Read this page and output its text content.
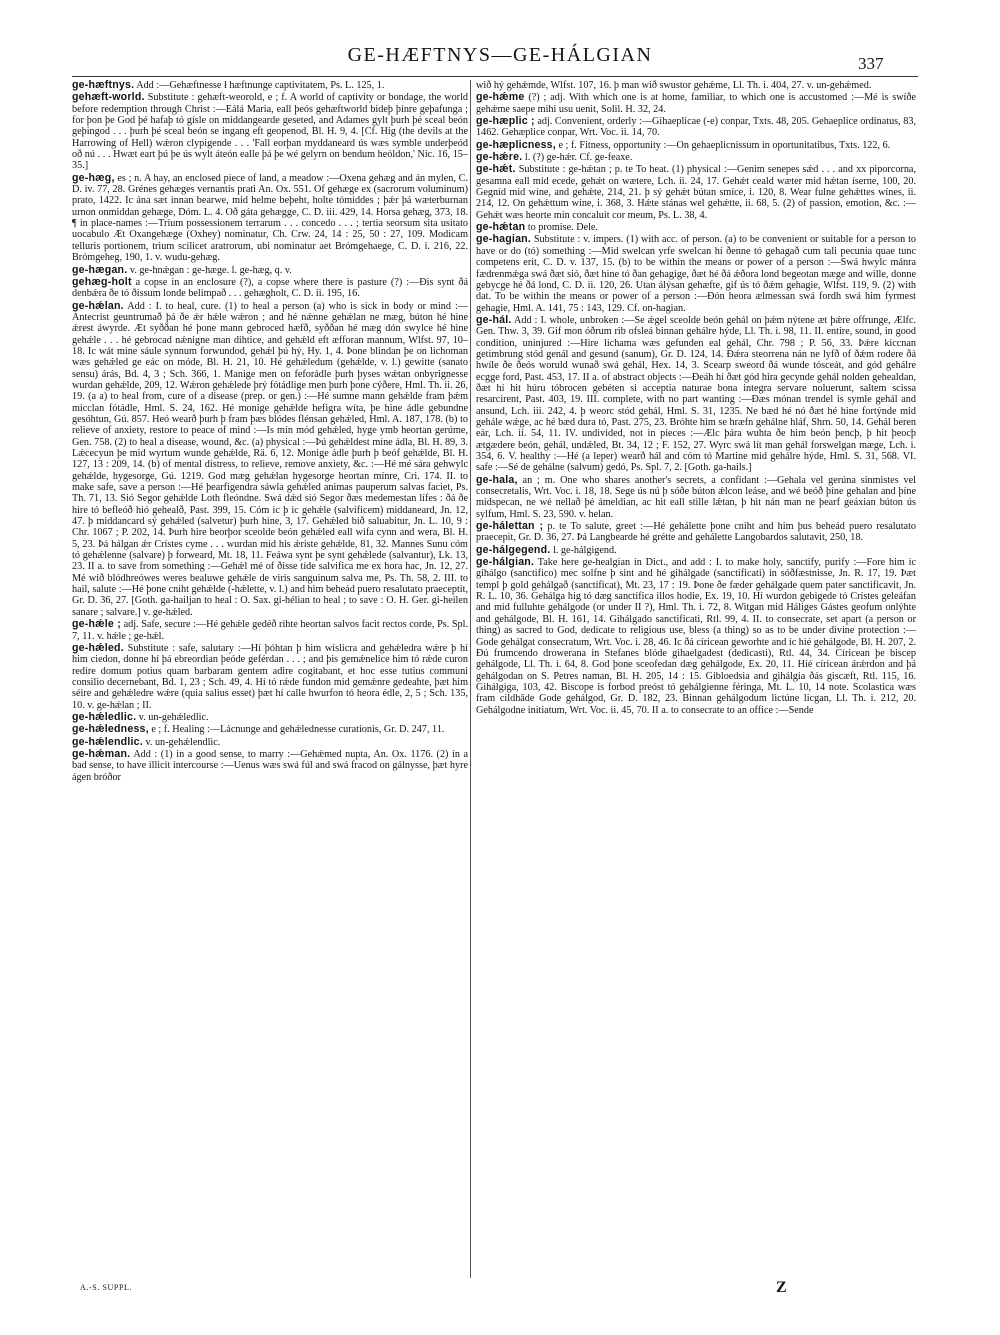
GE-HÆFTNYS—GE-HÁLGIAN	337

ge-hæftnys. Add :—Gehæftnesse ł hæftnunge captivitatem, Ps. L. 125, 1.

gehæft-world. Substitute : gehæft-weorold, e ; f. A world of captivity or bondage, the world before redemption through Christ :—Eálá Maria, eall þeós gehæftworld bideþ þínre geþafunga ; for þon þe God þé hafaþ tó gísle on middangearde geseted, and Adames gylt þurh þé sceal beón geþingod . . . þurh þé sceal beón se ingang eft geopenod, Bl. H. 9, 4. [Cf. Hig (the devils at the Harrowing of Hell) wǽron clypigende . . . 'Fall eorþan myddaneard ús wæs symble underþeód oð nú . . . Hwæt eart þú þe ús wylt áteón ealle þá þe wé gelyrn on bendum heóldon,' Nic. 16, 15–35.]

ge-hæg, es ; n. A hay, an enclosed piece of land, a meadow :—Oxena gehæg and án mylen, C. D. iv. 77, 28. Grénes gehæges vernantis prati An. Ox. 551. Of gehæge ex (sacrorum voluminum) prato, 1422. Ic ána sæt innan bearwe, mid helme beþeht, holte tómiddes ; þǽr þá wæterburnan urnon onmiddan gehæge, Dóm. L. 4. Oð gáta gehægge, C. D. iii. 429, 14. Horsa gehæg, 373, 18. ¶ in place-names :—Trium possessionem terrarum . . . concedo . . . ; tertia seorsum sita usitato uocabulo Æt Oxangehæge (Oxhey) nominatur, Ch. Crw. 24, 14 : 25, 50 : 27, 109. Modicam telluris portionem, trium scilicet aratrorum, ubi nominatur aet Brómgehaege, C. D. i. 216, 22. Brómgeheg, 190, 1. v. wudu-gehæg.

ge-hægan. v. ge-hnǽgan : ge-hæge. l. ge-hæg, q. v.

gehæg-holt a copse in an enclosure (?), a copse where there is pasture (?) :—Đis synt ðá denbǽra ðe tó ðissum londe belimpað . . . gehægholt, C. D. ii. 195, 16.

ge-hǽlan. Add : I. to heal, cure. (1) to heal a person (a) who is sick in body or mind :—Antecrist geuntrumað þá ðe ǽr hǽle wǽron ; and hé nǽnne gehǽlan ne mæg, búton hé hine ǽrest áwyrde. Æt syððan hé þone mann gebroced hæfð, syððan hé mæg dón swylce hé hine gehǽle . . . hé gebrocad nǽnigne man dihtice, and gehǽld eft æfforan mannum, Wlfst. 97, 10–18. Ic wát míne sáule synnum forwundod, gehǽl þú hý, Hy. 1, 4. Þone blindan þe on lichoman wæs gehǽled ge eác on móde, Bl. H. 21, 10. Hé gehǽledum (gehǽlde, v. l.) gewitte (sanato sensu) árás, Bd. 4, 3 ; Sch. 366, 1. Manige men on feforádle þurh þyses wǽtan onbyrignesse wurdan gehǽlde, 209, 12. Wǽron gehǽlede þrý fótádlige men þurh þone cýðere, Hml. Th. ii. 26, 19. (a a) to heal from, cure of a disease (prep. or gen.) :—Hé sumne mann gehǽlde fram þǽm micclan fótádle, Hml. S. 24, 162. Hé monige gehǽlde hefigra wíta, þe hine ádle gebundne gesóhtun, Gú. 857. Heó wearð þurh þ fram þæs blódes flénsan gehǽled, Hml. A. 187, 178. (b) to relieve of anxiety, restore to peace of mind :—Is mín mód gehǽled, hyge ymb heortan gerúme, Gen. 758. (2) to heal a disease, wound, &c. (a) physical :—Þú gehǽldest míne ádla, Bl. H. 89, 3. Lǽcecyun þe mid wyrtum wunde gehǽlde, Rä. 6, 12. Monige ádle þurh þ beóf gehǽlde, Bl. H. 127, 13 : 209, 14. (b) of mental distress, to relieve, remove anxiety, &c. :—Hé mé sára gehwylc gehǽlde, hygesorge, Gú. 1219. God mæg gehǽlan hygesorge heortan mínre, Cri. 174. II. to make safe, save a person :—Hé þearfigendra sáwla gehǽled animas pauperum salvas faciet, Ps. Th. 71, 13. Sió Segor gehǽlde Loth fleóndne. Swá dǽd sió Segor ðæs medemestan lífes : ðá ðe hire tó befleóð hió gehealð, Past. 399, 15. Cóm ic þ ic gehǽle (salvificem) middaneard, Jn. 12, 47. þ middancard sý gehǽled (salvetur) þurh hine, 3, 17. Gehǽled bið saluabitur, Jn. L. 10, 9 : Chr. 1067 ; P. 202, 14. Þurh hire beorþor sceolde beón gehǽled eall wifa cynn and wera, Bl. H. 5, 23. Þá hálgan ǽr Crístes cyme . . . wurdan mid his ǽriste gehǽlde, 81, 32. Mannes Sunu cóm tó gehǽlenne (salvare) þ forweard, Mt. 18, 11. Feáwa synt þe synt gehǽlede (salvantur), Lk. 13, 23. II a. to save from something :—Gehǽl mé of ðisse tíde salvifica me ex hora hac, Jn. 12, 27. Mé wið blódhreówes weres bealuwe gehǽle de viris sanguinum salva me, Ps. Th. 58, 2. III. to hail, salute :—Hé þone cniht gehǽlde (-hǽlette, v. l.) and him beheád puero resalutato praeceptit, Gr. D. 36, 27. [Goth. ga-hailjan to heal : O. Sax. gi-hélian to heal ; to save : O. H. Ger. gi-heilen sanare ; salvare.] v. ge-hǽled.

ge-hǽle ; adj. Safe, secure :—Hé gehǽle gedéð rihte heortan salvos facit rectos corde, Ps. Spl. 7, 11. v. hǽle ; ge-hǽl.

ge-hǽled. Substitute : safe, salutary :—Hí þóhtan þ him wíslicra and gehǽledra wǽre þ hí him ciedon, donne hí þá ebreordian þeóde geférdan . . . ; and þis gemǽnelice him tó rǽde curon redire domum potius quam barbaram gentem adire cogitabant, et hoc esse tutius communi consilio decernebant, Bd. 1, 23 ; Sch. 49, 4. Hí tó rǽde fundon mid gemǽnre gedeahte, þæt him séire and gehǽledre wǽre (quia salius esset) þæt hí calle hwurfon tó heora édle, 2, 5 ; Sch. 135, 10. v. ge-hǽlan ; II.

ge-hǽledlic. v. un-gehǽledlic.

ge-hǽledness, e ; f. Healing :—Lácnunge and gehǽlednesse curationis, Gr. D. 247, 11.

ge-hǽlendlic. v. un-gehǽlendlic.

ge-hǽman. Add : (1) in a good sense, to marry :—Gehǽmed nupta, An. Ox. 1176. (2) in a bad sense, to have illicit intercourse :—Uenus wæs swá fúl and swá fracod on gálnysse, þæt hyre ágen bróðor

wið hý gehǽmde, Wlfst. 107, 16. þ man wið swustor gehǽme, Ll. Th. i. 404, 27. v. un-gehǽmed.

ge-hǽme (?) ; adj. With which one is at home, familiar, to which one is accustomed :—Mé is swíðe gehǽme saepe mihi usu uenit, Solil. H. 32, 24.

ge-hæplic ; adj. Convenient, orderly :—Gihaeplicae (-e) conpar, Txts. 48, 205. Gehaeplice ordinatus, 83, 1462. Gehæplice conpar, Wrt. Voc. ii. 14, 70.

ge-hæplicness, e ; f. Fitness, opportunity :—On gehaeplicnissum in oportunitatibus, Txts. 122, 6.

ge-hǽre. l. (?) ge-hǽr. Cf. ge-feaxe.

ge-hǽt. Substitute : ge-hǽtan ; p. te To heat. (1) physical :—Genim senepes sǽd . . . and xx piporcorna, gesamna eall mid ecede, gehǽt on wætere, Lch. ii. 24, 17. Gehǽt ceald wæter mid hǽtan íserne, 100, 20. Gegníd mid wíne, and gehǽte, 214, 21. þ sý gehǽt bútan smíce, i. 120, 8. Wear fulne gehǽttes wínes, ii. 214, 12. On gehǽttum wíne, i. 368, 3. Hǽte stánas wel gehǽtte, ii. 68, 5. (2) of passion, emotion, &c. :—Gehǽt wæs heorte mín concaluit cor meum, Ps. L. 38, 4.

ge-hǽtan to promise. Dele.

ge-hagian. Substitute : v. impers. (1) with acc. of person. (a) to be convenient or suitable for a person to have or do (tó) something :—Mid swelcan yrfe swelcan hí ðenne tó gehagað cum tali pecunia quae tunc competens erit, C. D. v. 137, 15. (b) to be within the means or power of a person :—Swá hwylc mánra fædrenmǽga swá ðæt sió, ðæt hine tó ðan gehagige, ðæt hé ðá ǽðora lond begeotan mæge and wille, donne gebycge hé ðá lond, C. D. ii. 120, 26. Utan álýsan gehæfte, gif ús tó ðǽm gehagie, Wlfst. 119, 9. (2) with dat. To be within the means or power of a person :—Đón heora ælmessan swá fordh swá him fyrmest gehagie, Hml. A. 141, 75 : 143, 129. Cf. on-hagian.

ge-hál. Add : I. whole, unbroken :—Se ǽgel sceolde beón gehál on þǽm nýtene æt þǽre offrunge, Ælfc. Gen. Thw. 3, 39. Gif mon óðrum rib ofsleá binnan gehálre hýde, Ll. Th. i. 98, 11. II. entire, sound, in good condition, uninjured :—Hire lichama wæs gefunden eal gehál, Chr. 798 ; P. 56, 33. Þǽre kiccnan getimbrung stód genál and gesund (sanum), Gr. D. 124, 14. Đǽra steorrena nán ne lyfð of ðǽm rodere ðá hwíle ðe ðeós woruld wunað swá gehál, Hex. 14, 3. Scearp sweord ðá wunde tósceát, and gód gehálre ecgge ford, Past. 453, 17. II a. of abstract objects :—Đeáh hí ðæt gód hira gecynde gehál nolden gehealdan, ðæt hí hit húru tóbrocen gebéten si acceptia naturae bona integra servare noluerunt, saltem scissa resarcirent, Past. 403, 19. III. complete, with no part wanting :—Đæs mónan trendel is symle gehál and ansund, Lch. iii. 242, 4. þ weorc stód gehál, Hml. S. 31, 1235. Ne bæd hé nó ðæt hé hine fortýnde mid gehále wǽge, ac hé bæd dura tó, Past. 275, 23. Bróhte him se hræfn gehálne hláf, Shrn. 50, 14. Gehál beren eár, Lch. ii. 54, 11. IV. undivided, not in pieces :—Ælc þára wuhta ðe him beón þencþ, þ hit þeocþ ætgædere beón, gehál, undǽled, Bt. 34, 12 ; F. 152, 27. Wyrc swá lít man gehál forswelgan mæge, Lch. i. 354, 6. V. healthy :—Hé (a leper) wearð hál and cóm tó Martine mid gehálre hýde, Hml. S. 31, 568. VI. safe :—Sé de gehálne (salvum) gedó, Ps. Spl. 7, 2. [Goth. ga-hails.]

ge-hala, an ; m. One who shares another's secrets, a confidant :—Gehala vel gerúna sinmistes vel consecretalis, Wrt. Voc. i. 18, 18. Sege ús nú þ sóðe búton ǽlcon leáse, and wé beóð þíne gehalan and þíne midspecan, ne wé nellað þé ámeldian, ac hit eall stille lǽtan, þ hit nán man ne þearf geáxian búton ús sylfum, Hml. S. 23, 590. v. helan.

ge-hálettan ; p. te To salute, greet :—Hé gehálette þone cniht and him þus beheád puero resalutato praecepit, Gr. D. 36, 27. Þá Langbearde hé grétte and gehálette Langobardos salutavit, 250, 18.

ge-hálgegend. l. ge-hálgigend.

ge-hálgian. Take here ge-healgian in Dict., and add : I. to make holy, sanctify, purify :—Fore him ic gihálgo (sanctifico) mec solfne þ sint and hé gihálgade (sanctificati) in sóðfæstnisse, Jn. R. 17, 19. Þæt templ þ gold gehálgað (sanctificat), Mt. 23, 17 : 19. Þone ðe fæder gehálgade quem pater sanctificavit, Jn. R. L. 10, 36. Gehálga hig tó dæg sanctifica illos hodie, Ex. 19, 10. Hí wurdon gebigede tó Crístes geleáfan and mid fulluhte gehálgode (or under II ?), Hml. Th. i. 72, 8. Witgan mid Háliges Gástes geofum onlýhte and gehálgode, Bl. H. 161, 14. Gihálgado sanctificati, Rtl. 99, 4. II. to consecrate, set apart (a person or thing) as sacred to God, dedicate to religious use, bless (a thing) so as to be under divine protection :—Gode gehálgat consecratum, Wrt. Voc. i. 28, 46. Ic ðá círicean geworhte and ic hié gehálgode, Bl. H. 207, 2. Đú frumcendo drowerana in Stefanes blóde gihaelgadest (dedicasti), Rtl. 44, 34. Círicean þe biscep gehálgode, Ll. Th. i. 64, 8. God þone sceofedan dæg gehálgode, Ex. 20, 11. Hié círicean árǽrdon and þá gehálgodan on S. Petres naman, Bl. H. 205, 14 : 15. Gibloedsia and gihálgia ðás giscæft, Rtl. 115, 16. Gihálgiga, 103, 42. Biscope is forbod preóst tó gehálgienne féringa, Mt. L. 10, 14 note. Scolastica wæs fram cildhāde Gode gehálgod, Gr. D. 182, 23. Binnan gehálgodum lictúne licgan, Ll. Th. i. 212, 20. Gehálgodne initiatum, Wrt. Voc. ii. 45, 70. II a. to consecrate to an office :—Sende

A.-S. SUPPL.	Z
